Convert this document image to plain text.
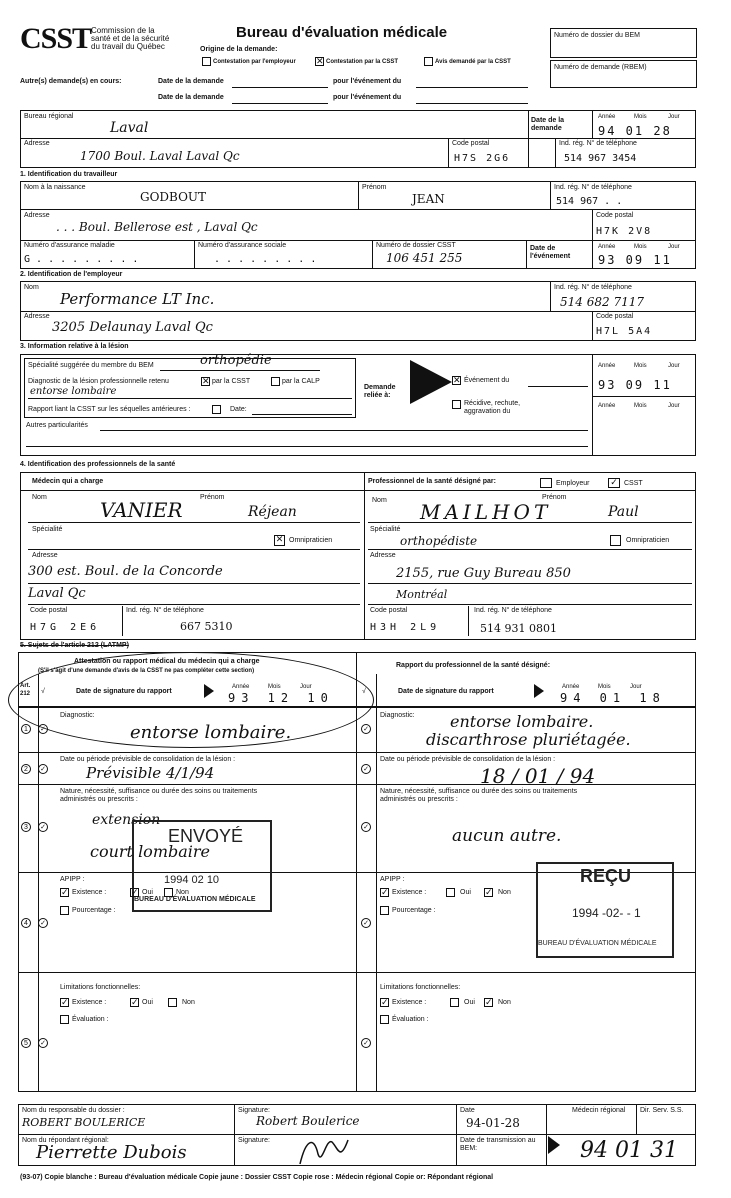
CSST Commission de la
santé et de la sécurité
du travail du Québec
Bureau d'évaluation médicale
Origine de la demande:
Contestation par l'employeur ✕ Contestation par la CSST	Avis demandé par la CSST
Numéro de dossier du BEM
Numéro de demande (RBEM)
Autre(s) demande(s) en cours:	Date de la demande	pour l'événement du
Date de la demande	pour l'événement du
Bureau régional
Laval	Date de la demande
Année	Mois	Jour
94 01 28
Adresse
1700 Boul. Laval Laval Qc
Code postal
H7S 2G6
Ind. rég. N° de téléphone
514 967 3454
1. Identification du travailleur
Nom à la naissance
GODBOUT
Prénom
JEAN
Ind. rég. N° de téléphone
514 967 . .
Adresse
. . . Boul. Bellerose est , Laval Qc
Code postal
H7K 2V8
Numéro d'assurance maladie
G . . . . . . . . .
Numéro d'assurance sociale
. . . . . . . . .
Numéro de dossier CSST
106 451 255
Date de l'événement
Année	Mois	Jour
93 09 11
2. Identification de l'employeur
Nom
Performance LT Inc.
Ind. rég. N° de téléphone
514 682 7117
Adresse
3205 Delaunay Laval Qc
Code postal
H7L 5A4
3. Information relative à la lésion
Spécialité suggérée du membre du BEM	orthopédie
Diagnostic de la lésion professionnelle retenu	✕ par la CSST	par la CALP
entorse lombaire
Rapport liant la CSST sur les séquelles antérieures :	Date:
Autres particularités
Demande reliée à:
✕ Événement du
Récidive, rechute, aggravation du
Année	Mois	Jour
93 09 11
Année	Mois	Jour
4. Identification des professionnels de la santé
Médecin qui a charge	Professionnel de la santé désigné par:	Employeur ✓ CSST
Nom	Prénom
VANIER	Réjean
Spécialité
✕ Omnipraticien
Adresse
300 est. Boul. de la Concorde
Laval Qc
Code postal	Ind. rég. N° de téléphone
H7G 2E6	667 5310
Nom	Prénom
MAILHOT	Paul
Spécialité
orthopédiste	Omnipraticien
Adresse
2155, rue Guy Bureau 850
Montréal
Code postal	Ind. rég. N° de téléphone
H3H 2L9	514 931 0801
5. Sujets de l'article 212 (LATMP)
Attestation ou rapport médical du médecin qui a charge
(S'il s'agit d'une demande d'avis de la CSST ne pas compléter cette section)
Rapport du professionnel de la santé désigné:
Art. 212	√	√
Date de signature du rapport
Année	Mois	Jour
93 12 10	Date de signature du rapport
Année	Mois	Jour
94 01 18
1
2
3
4
5
✓
✓
✓
✓
✓
✓
✓
✓
✓
✓
Diagnostic:
entorse lombaire.
Diagnostic: entorse lombaire.
discarthrose pluriétagée.
Date ou période prévisible de consolidation de la lésion :
Prévisible 4/1/94
Date ou période prévisible de consolidation de la lésion :
18 / 01 / 94
Nature, nécessité, suffisance ou durée des soins ou traitements
administrés ou prescrits :
extension
court lombaire
Nature, nécessité, suffisance ou durée des soins ou traitements
administrés ou prescrits :
aucun autre.
ENVOYÉ
1994 02 10
BUREAU D'ÉVALUATION MÉDICALE
APIPP :
✓ Existence :	✓ Oui	Non
Pourcentage :
APIPP :
✓ Existence :	Oui ✓ Non
Pourcentage :
REÇU
1994 -02- - 1
BUREAU D'ÉVALUATION MÉDICALE
Limitations fonctionnelles:
✓ Existence :	✓ Oui	Non
Évaluation :
Limitations fonctionnelles:
✓ Existence :	Oui ✓ Non
Évaluation :
Nom du responsable du dossier :
ROBERT BOULERICE
Nom du répondant régional:
Pierrette Dubois
Signature:
Robert Boulerice
Signature:
Date
94-01-28
Date de transmission au BEM:	94 01 31
Médecin régional Dir. Serv. S.S.
(93-07) Copie blanche : Bureau d'évaluation médicale Copie jaune : Dossier CSST Copie rose : Médecin régional Copie or: Répondant régional
